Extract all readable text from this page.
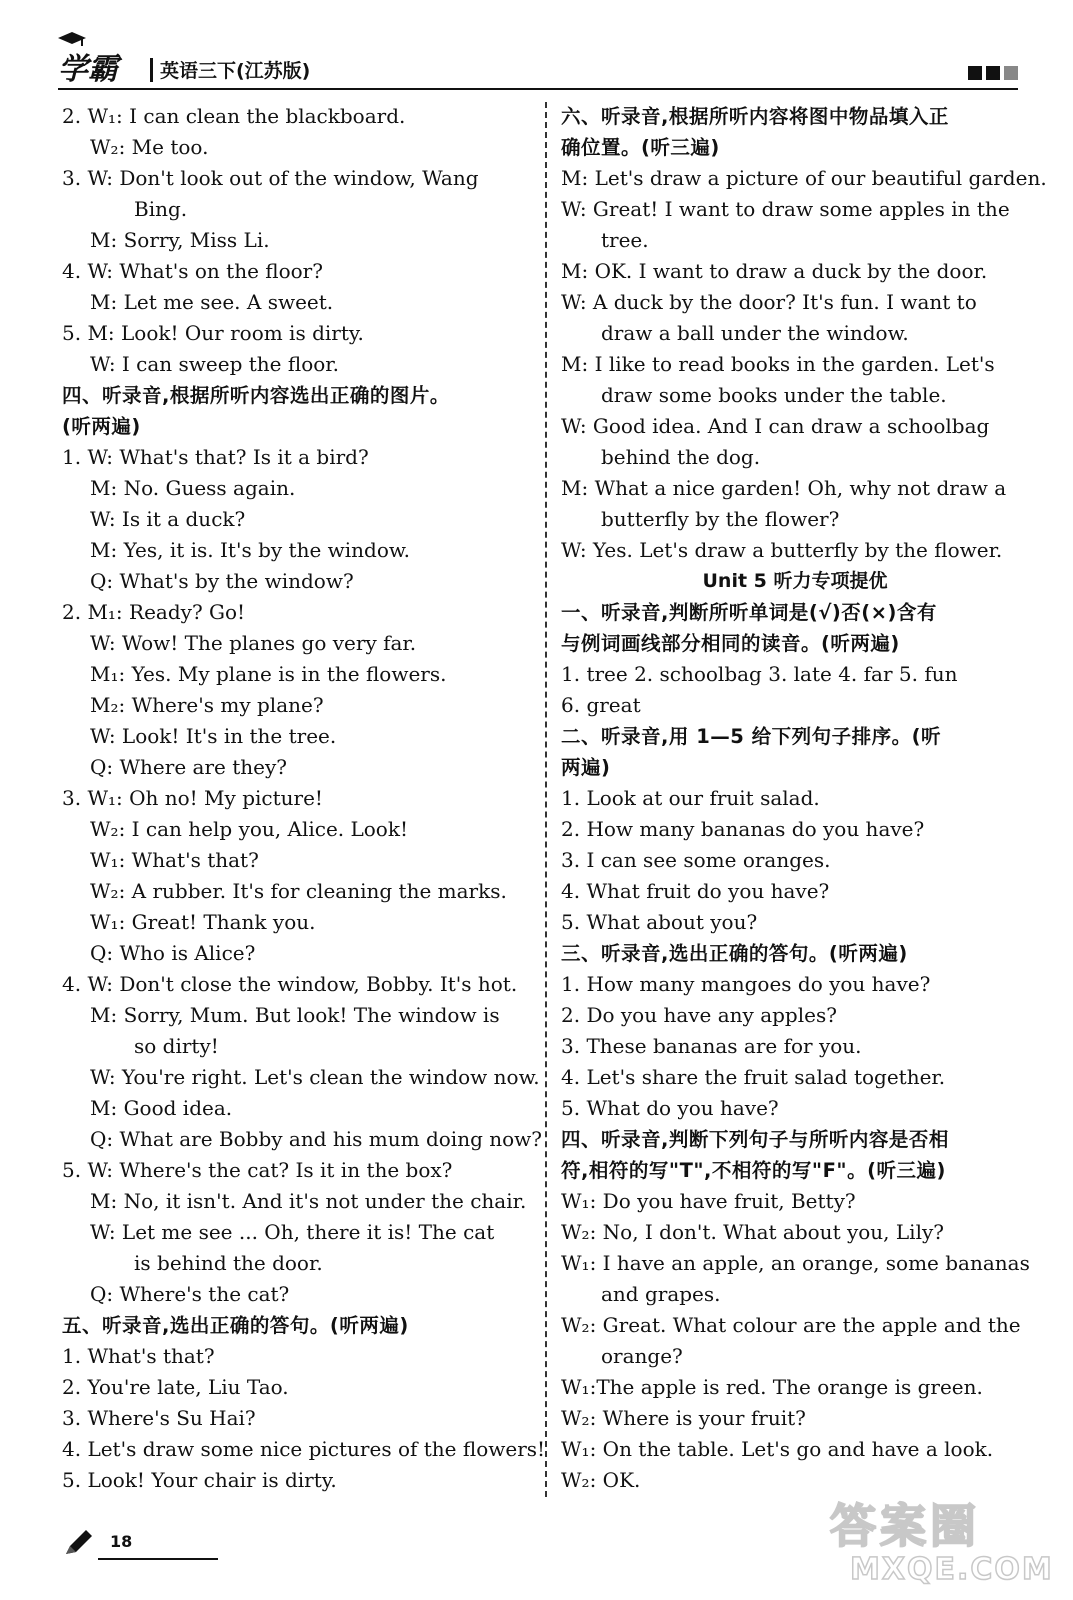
学霸 英语三下(江苏版)
2. W₁: I can clean the blackboard.
W₂: Me too.
3. W: Don't look out of the window, Wang
Bing.
M: Sorry, Miss Li.
4. W: What's on the floor?
M: Let me see. A sweet.
5. M: Look! Our room is dirty.
W: I can sweep the floor.
四、听录音,根据所听内容选出正确的图片。
(听两遍)
1. W: What's that? Is it a bird?
M: No. Guess again.
W: Is it a duck?
M: Yes, it is. It's by the window.
Q: What's by the window?
2. M₁: Ready? Go!
W: Wow! The planes go very far.
M₁: Yes. My plane is in the flowers.
M₂: Where's my plane?
W: Look! It's in the tree.
Q: Where are they?
3. W₁: Oh no! My picture!
W₂: I can help you, Alice. Look!
W₁: What's that?
W₂: A rubber. It's for cleaning the marks.
W₁: Great! Thank you.
Q: Who is Alice?
4. W: Don't close the window, Bobby. It's hot.
M: Sorry, Mum. But look! The window is
so dirty!
W: You're right. Let's clean the window now.
M: Good idea.
Q: What are Bobby and his mum doing now?
5. W: Where's the cat? Is it in the box?
M: No, it isn't. And it's not under the chair.
W: Let me see ... Oh, there it is! The cat
is behind the door.
Q: Where's the cat?
五、听录音,选出正确的答句。(听两遍)
1. What's that?
2. You're late, Liu Tao.
3. Where's Su Hai?
4. Let's draw some nice pictures of the flowers!
5. Look! Your chair is dirty.
六、听录音,根据所听内容将图中物品填入正
确位置。(听三遍)
M: Let's draw a picture of our beautiful garden.
W: Great! I want to draw some apples in the
tree.
M: OK. I want to draw a duck by the door.
W: A duck by the door? It's fun. I want to
draw a ball under the window.
M: I like to read books in the garden. Let's
draw some books under the table.
W: Good idea. And I can draw a schoolbag
behind the dog.
M: What a nice garden! Oh, why not draw a
butterfly by the flower?
W: Yes. Let's draw a butterfly by the flower.
Unit 5 听力专项提优
一、听录音,判断所听单词是(√)否(×)含有
与例词画线部分相同的读音。(听两遍)
1. tree 2. schoolbag 3. late 4. far 5. fun
6. great
二、听录音,用 1—5 给下列句子排序。(听
两遍)
1. Look at our fruit salad.
2. How many bananas do you have?
3. I can see some oranges.
4. What fruit do you have?
5. What about you?
三、听录音,选出正确的答句。(听两遍)
1. How many mangoes do you have?
2. Do you have any apples?
3. These bananas are for you.
4. Let's share the fruit salad together.
5. What do you have?
四、听录音,判断下列句子与所听内容是否相
符,相符的写"T",不相符的写"F"。(听三遍)
W₁: Do you have fruit, Betty?
W₂: No, I don't. What about you, Lily?
W₁: I have an apple, an orange, some bananas
and grapes.
W₂: Great. What colour are the apple and the
orange?
W₁:The apple is red. The orange is green.
W₂: Where is your fruit?
W₁: On the table. Let's go and have a look.
W₂: OK.
18	答案圈
MXQE.COM
